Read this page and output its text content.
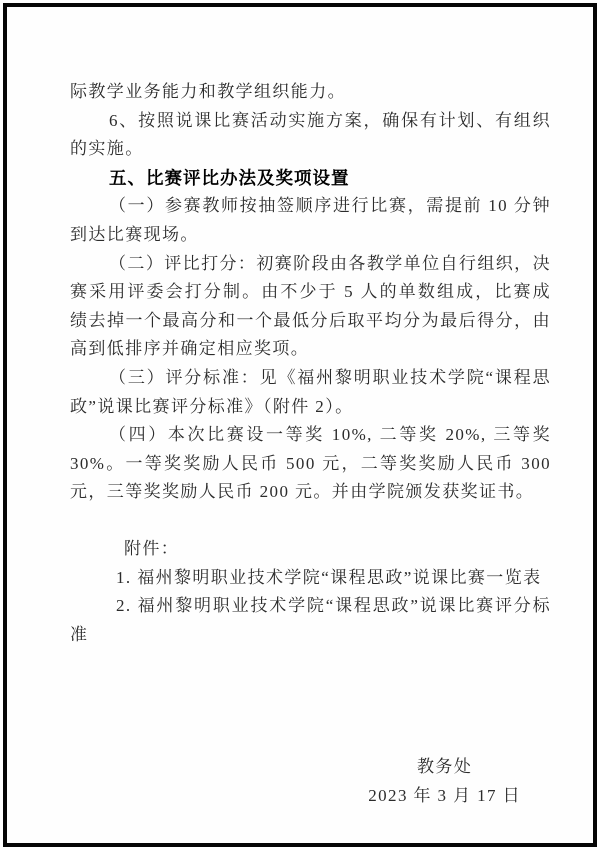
际教学业务能力和教学组织能力。

6、按照说课比赛活动实施方案，确保有计划、有组织的实施。

五、比赛评比办法及奖项设置

（一）参赛教师按抽签顺序进行比赛，需提前 10 分钟到达比赛现场。

（二）评比打分：初赛阶段由各教学单位自行组织，决赛采用评委会打分制。由不少于 5 人的单数组成，比赛成绩去掉一个最高分和一个最低分后取平均分为最后得分，由高到低排序并确定相应奖项。

（三）评分标准：见《福州黎明职业技术学院“课程思政”说课比赛评分标准》（附件 2）。

（四）本次比赛设一等奖 10%, 二等奖 20%, 三等奖 30%。一等奖奖励人民币 500 元，二等奖奖励人民币 300 元，三等奖奖励人民币 200 元。并由学院颁发获奖证书。

附件：

1. 福州黎明职业技术学院“课程思政”说课比赛一览表

2. 福州黎明职业技术学院“课程思政”说课比赛评分标准

教务处

2023 年 3 月 17 日
